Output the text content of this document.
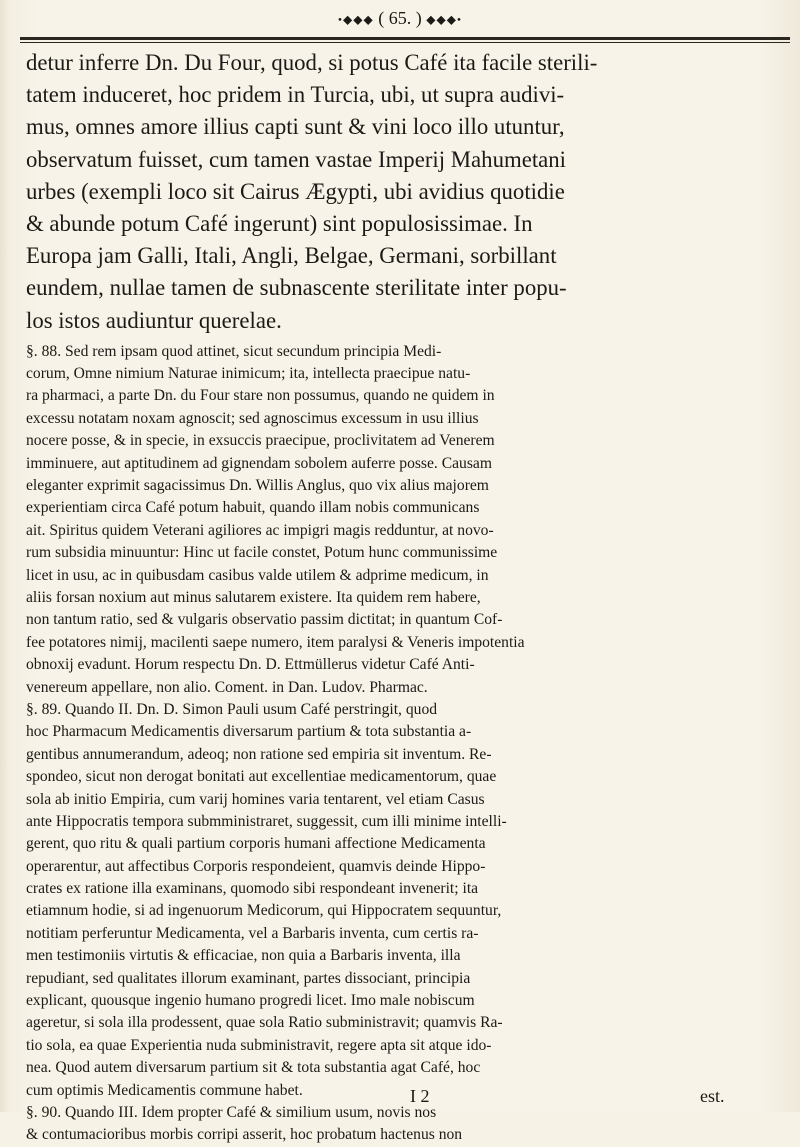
•◆◆◆ ( 65. ) ◆◆◆•
detur inferre Dn. Du Four, quod, si potus Café ita facile sterili-
tatem induceret, hoc pridem in Turcia, ubi, ut supra audivi-
mus, omnes amore illius capti sunt & vini loco illo utuntur,
observatum fuisset, cum tamen vastae Imperij Mahumetani
urbes (exempli loco sit Cairus Ægypti, ubi avidius quotidie
& abunde potum Café ingerunt) sint populosissimae. In
Europa jam Galli, Itali, Angli, Belgae, Germani, sorbillant
eundem, nullae tamen de subnascente sterilitate inter popu-
los istos audiuntur querelae.
§. 88. Sed rem ipsam quod attinet, sicut secundum principia Medi-
corum, Omne nimium Naturae inimicum; ita, intellecta praecipue natu-
ra pharmaci, a parte Dn. du Four stare non possumus, quando ne quidem in
excessu notatam noxam agnoscit; sed agnoscimus excessum in usu illius
nocere posse, & in specie, in exsuccis praecipue, proclivitatem ad Venerem
imminuere, aut aptitudinem ad gignendam sobolem auferre posse. Causam
eleganter exprimit sagacissimus Dn. Willis Anglus, quo vix alius majorem
experientiam circa Café potum habuit, quando illam nobis communicans
ait. Spiritus quidem Veterani agiliores ac impigri magis redduntur, at novo-
rum subsidia minuuntur: Hinc ut facile constet, Potum hunc communissime
licet in usu, ac in quibusdam casibus valde utilem & adprime medicum, in
aliis forsan noxium aut minus salutarem existere. Ita quidem rem habere,
non tantum ratio, sed & vulgaris observatio passim dictitat; in quantum Cof-
fee potatores nimij, macilenti saepe numero, item paralysi & Veneris impotentia
obnoxij evadunt. Horum respectu Dn. D. Ettmüllerus videtur Café Anti-
venereum appellare, non alio. Coment. in Dan. Ludov. Pharmac.
§. 89. Quando II. Dn. D. Simon Pauli usum Café perstringit, quod
hoc Pharmacum Medicamentis diversarum partium & tota substantia a-
gentibus annumerandum, adeoq; non ratione sed empiria sit inventum. Re-
spondeo, sicut non derogat bonitati aut excellentiae medicamentorum, quae
sola ab initio Empiria, cum varij homines varia tentarent, vel etiam Casus
ante Hippocratis tempora submministraret, suggessit, cum illi minime intelli-
gerent, quo ritu & quali partium corporis humani affectione Medicamenta
operarentur, aut affectibus Corporis respondeient, quamvis deinde Hippo-
crates ex ratione illa examinans, quomodo sibi respondeant invenerit; ita
etiamnum hodie, si ad ingenuorum Medicorum, qui Hippocratem sequuntur,
notitiam perferuntur Medicamenta, vel a Barbaris inventa, cum certis ra-
men testimoniis virtutis & efficaciae, non quia a Barbaris inventa, illa
repudiant, sed qualitates illorum examinant, partes dissociant, principia
explicant, quousque ingenio humano progredi licet. Imo male nobiscum
ageretur, si sola illa prodessent, quae sola Ratio subministravit; quamvis Ra-
tio sola, ea quae Experientia nuda subministravit, regere apta sit atque ido-
nea. Quod autem diversarum partium sit & tota substantia agat Café, hoc
cum optimis Medicamentis commune habet.
§. 90. Quando III. Idem propter Café & similium usum, novis nos
& contumacioribus morbis corripi asserit, hoc probatum hactenus non
I 2	est.
